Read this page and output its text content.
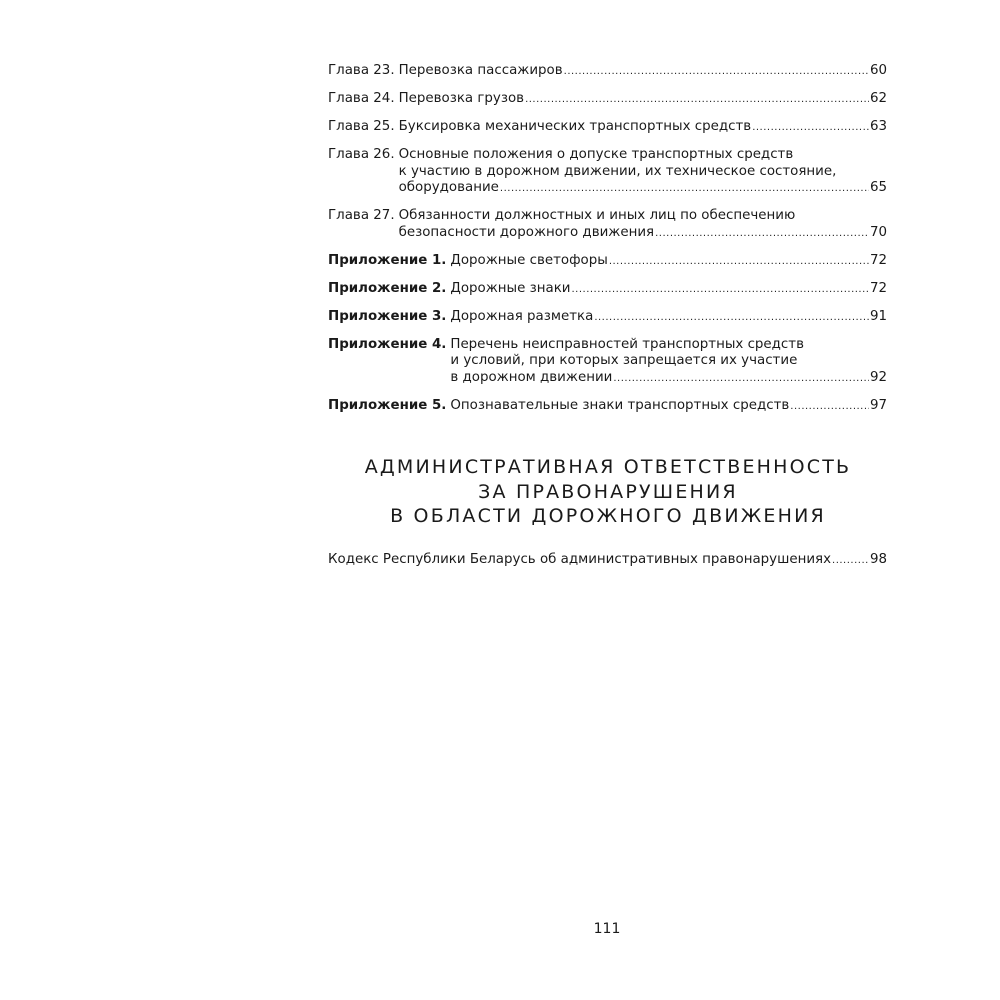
Глава 23. Перевозка пассажиров .....	60
Глава 24. Перевозка грузов .....	62
Глава 25. Буксировка механических транспортных средств .....	63
Глава 26. Основные положения о допуске транспортных средств
к участию в дорожном движении, их техническое состояние,
оборудование .....	65
Глава 27. Обязанности должностных и иных лиц по обеспечению
безопасности дорожного движения .....	70
Приложение 1. Дорожные светофоры .....	72
Приложение 2. Дорожные знаки .....	72
Приложение 3. Дорожная разметка .....	91
Приложение 4. Перечень неисправностей транспортных средств
и условий, при которых запрещается их участие
в дорожном движении .....	92
Приложение 5. Опознавательные знаки транспортных средств .....	97
АДМИНИСТРАТИВНАЯ ОТВЕТСТВЕННОСТЬ
ЗА ПРАВОНАРУШЕНИЯ
В ОБЛАСТИ ДОРОЖНОГО ДВИЖЕНИЯ
Кодекс Республики Беларусь об административных правонарушениях .....	98
111
